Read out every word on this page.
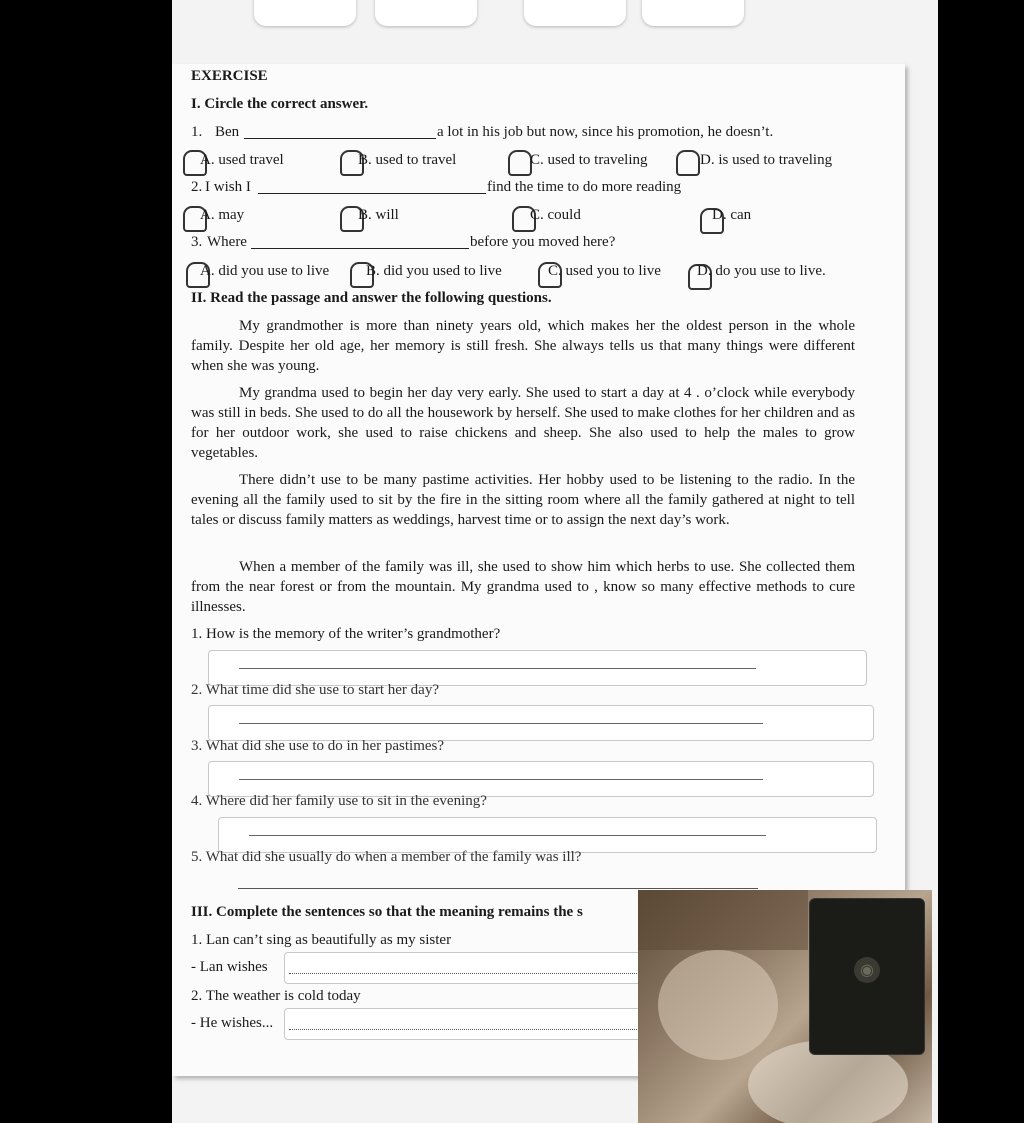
EXERCISE
I. Circle the correct answer.
1. Ben	a lot in his job but now, since his promotion, he doesn’t.
A. used travel	B. used to travel	C. used to traveling	D. is used to traveling
2. I wish I	find the time to do more reading
A. may	B. will	C. could	D. can
3. Where	before you moved here?
A. did you use to live B. did you used to live	C. used you to live D. do you use to live.
II. Read the passage and answer the following questions.
My grandmother is more than ninety years old, which makes her the oldest person in the whole family. Despite her old age, her memory is still fresh. She always tells us that many things were different when she was young.
My grandma used to begin her day very early. She used to start a day at 4 . o’clock while everybody was still in beds. She used to do all the housework by herself. She used to make clothes for her children and as for her outdoor work, she used to raise chickens and sheep. She also used to help the males to grow vegetables.
There didn’t use to be many pastime activities. Her hobby used to be listening to the radio. In the evening all the family used to sit by the fire in the sitting room where all the family gathered at night to tell tales or discuss family matters as weddings, harvest time or to assign the next day’s work.
When a member of the family was ill, she used to show him which herbs to use. She collected them from the near forest or from the mountain. My grandma used to , know so many effective methods to cure illnesses.
1. How is the memory of the writer’s grandmother?
2. What time did she use to start her day?
3. What did she use to do in her pastimes?
4. Where did her family use to sit in the evening?
5. What did she usually do when a member of the family was ill?
III. Complete the sentences so that the meaning remains the s
1. Lan can’t sing as beautifully as my sister
- Lan wishes
2. The weather is cold today
- He wishes...
◉
